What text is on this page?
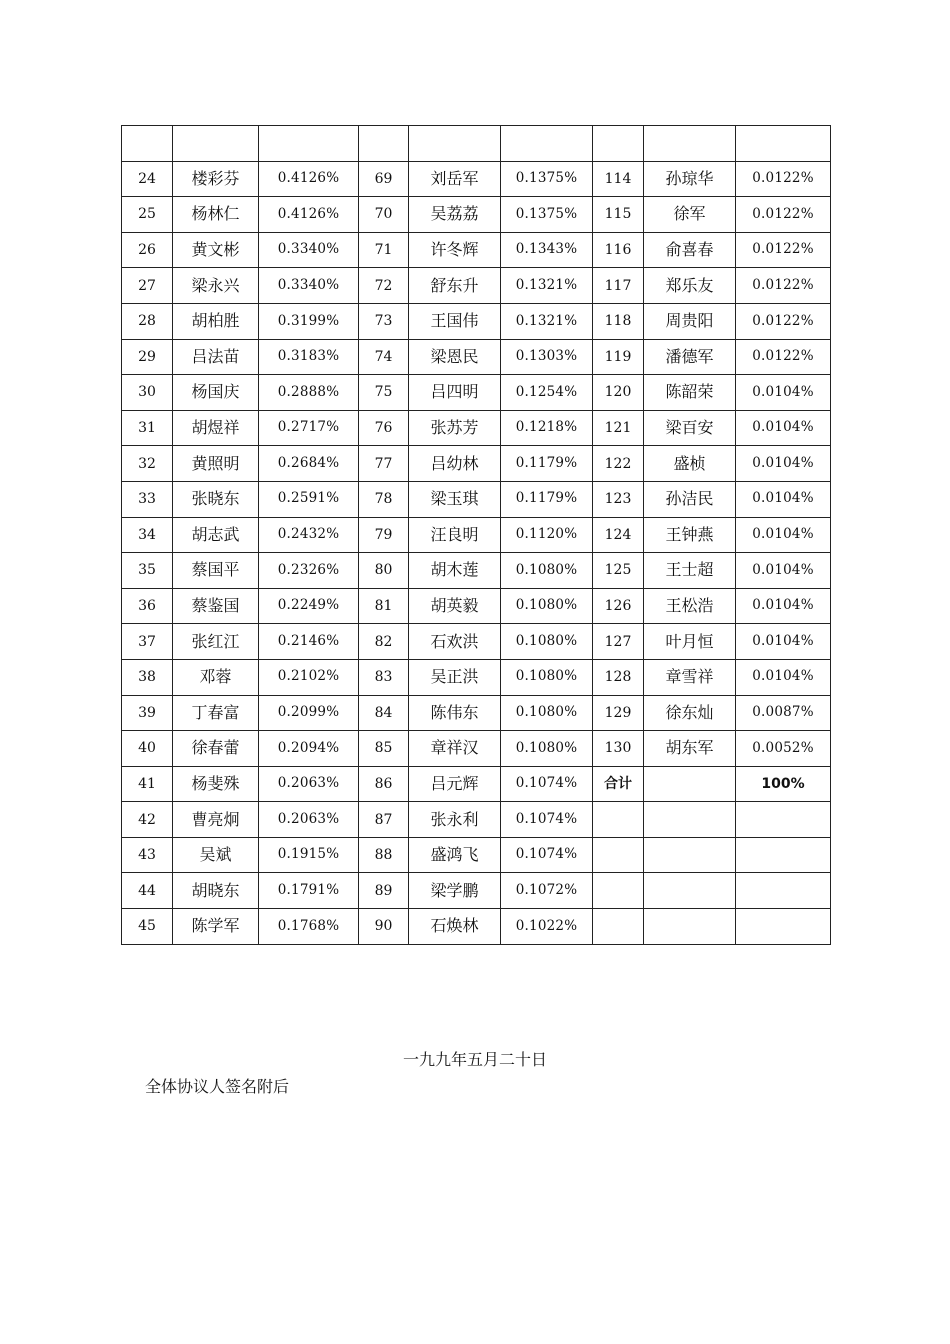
24	楼彩芬	0.4126%	69	刘岳军	0.1375%	114	孙琼华	0.0122%
25	杨林仁	0.4126%	70	吴荔荔	0.1375%	115	徐军	0.0122%
26	黄文彬	0.3340%	71	许冬辉	0.1343%	116	俞喜春	0.0122%
27	梁永兴	0.3340%	72	舒东升	0.1321%	117	郑乐友	0.0122%
28	胡柏胜	0.3199%	73	王国伟	0.1321%	118	周贵阳	0.0122%
29	吕法苗	0.3183%	74	梁恩民	0.1303%	119	潘德军	0.0122%
30	杨国庆	0.2888%	75	吕四明	0.1254%	120	陈韶荣	0.0104%
31	胡煜祥	0.2717%	76	张苏芳	0.1218%	121	梁百安	0.0104%
32	黄照明	0.2684%	77	吕幼林	0.1179%	122	盛桢	0.0104%
33	张晓东	0.2591%	78	梁玉琪	0.1179%	123	孙洁民	0.0104%
34	胡志武	0.2432%	79	汪良明	0.1120%	124	王钟燕	0.0104%
35	蔡国平	0.2326%	80	胡木莲	0.1080%	125	王士超	0.0104%
36	蔡鉴国	0.2249%	81	胡英毅	0.1080%	126	王松浩	0.0104%
37	张红江	0.2146%	82	石欢洪	0.1080%	127	叶月恒	0.0104%
38	邓蓉	0.2102%	83	吴正洪	0.1080%	128	章雪祥	0.0104%
39	丁春富	0.2099%	84	陈伟东	0.1080%	129	徐东灿	0.0087%
40	徐春蕾	0.2094%	85	章祥汉	0.1080%	130	胡东军	0.0052%
41	杨斐殊	0.2063%	86	吕元辉	0.1074%	合计		100%
42	曹亮炯	0.2063%	87	张永利	0.1074%			
43	吴斌	0.1915%	88	盛鸿飞	0.1074%			
44	胡晓东	0.1791%	89	梁学鹏	0.1072%			
45	陈学军	0.1768%	90	石焕林	0.1022%			
一九九年五月二十日
全体协议人签名附后
